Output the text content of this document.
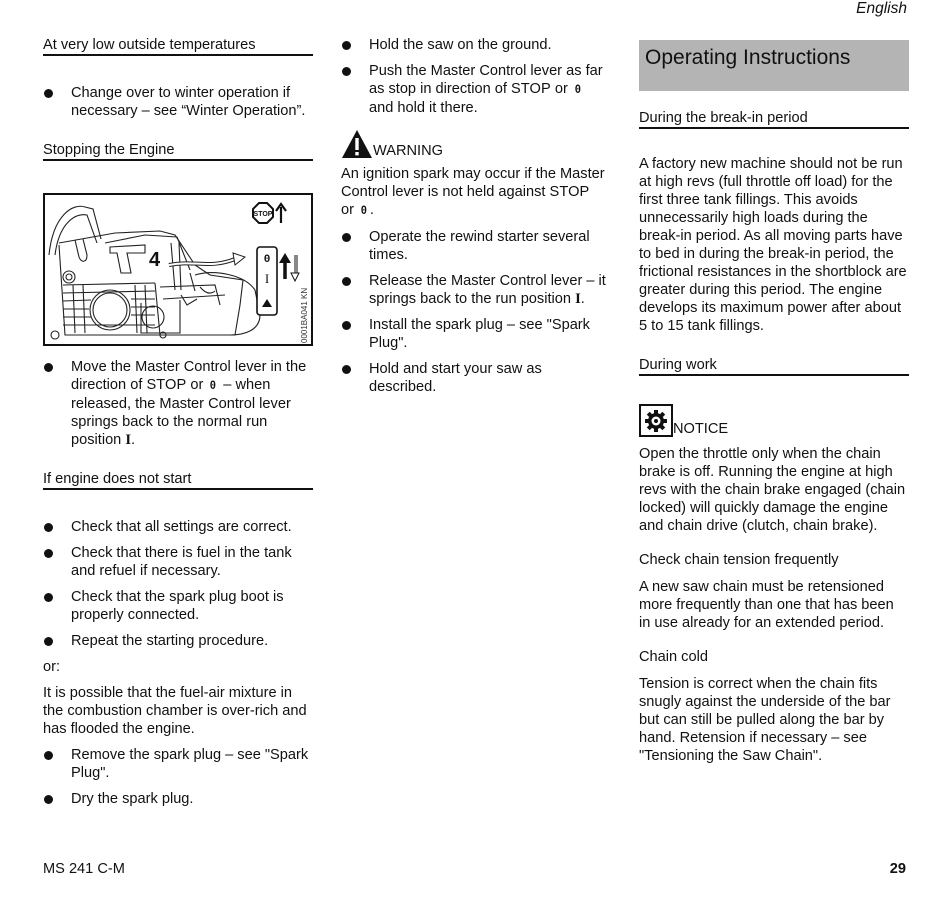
English
At very low outside temperatures
Change over to winter operation if necessary – see “Winter Operation”.
Stopping the Engine
4
STOP
0
I
0001BA041 KN
Move the Master Control lever in the direction of STOP or 0 – when released, the Master Control lever springs back to the normal run position I.
If engine does not start
Check that all settings are correct.
Check that there is fuel in the tank and refuel if necessary.
Check that the spark plug boot is properly connected.
Repeat the starting procedure.
or:
It is possible that the fuel-air mixture in the combustion chamber is over-rich and has flooded the engine.
Remove the spark plug – see "Spark Plug".
Dry the spark plug.
Hold the saw on the ground.
Push the Master Control lever as far as stop in direction of STOP or 0 and hold it there.
WARNING
An ignition spark may occur if the Master Control lever is not held against STOP
or 0 .
Operate the rewind starter several times.
Release the Master Control lever – it springs back to the run position I.
Install the spark plug – see "Spark Plug".
Hold and start your saw as described.
Operating Instructions
During the break-in period
A factory new machine should not be run at high revs (full throttle off load) for the first three tank fillings. This avoids unnecessarily high loads during the break-in period. As all moving parts have to bed in during the break-in period, the frictional resistances in the shortblock are greater during this period. The engine develops its maximum power after about 5 to 15 tank fillings.
During work
NOTICE
Open the throttle only when the chain brake is off. Running the engine at high revs with the chain brake engaged (chain locked) will quickly damage the engine and chain drive (clutch, chain brake).
Check chain tension frequently
A new saw chain must be retensioned more frequently than one that has been in use already for an extended period.
Chain cold
Tension is correct when the chain fits snugly against the underside of the bar but can still be pulled along the bar by hand. Retension if necessary – see "Tensioning the Saw Chain".
MS 241 C-M	29
